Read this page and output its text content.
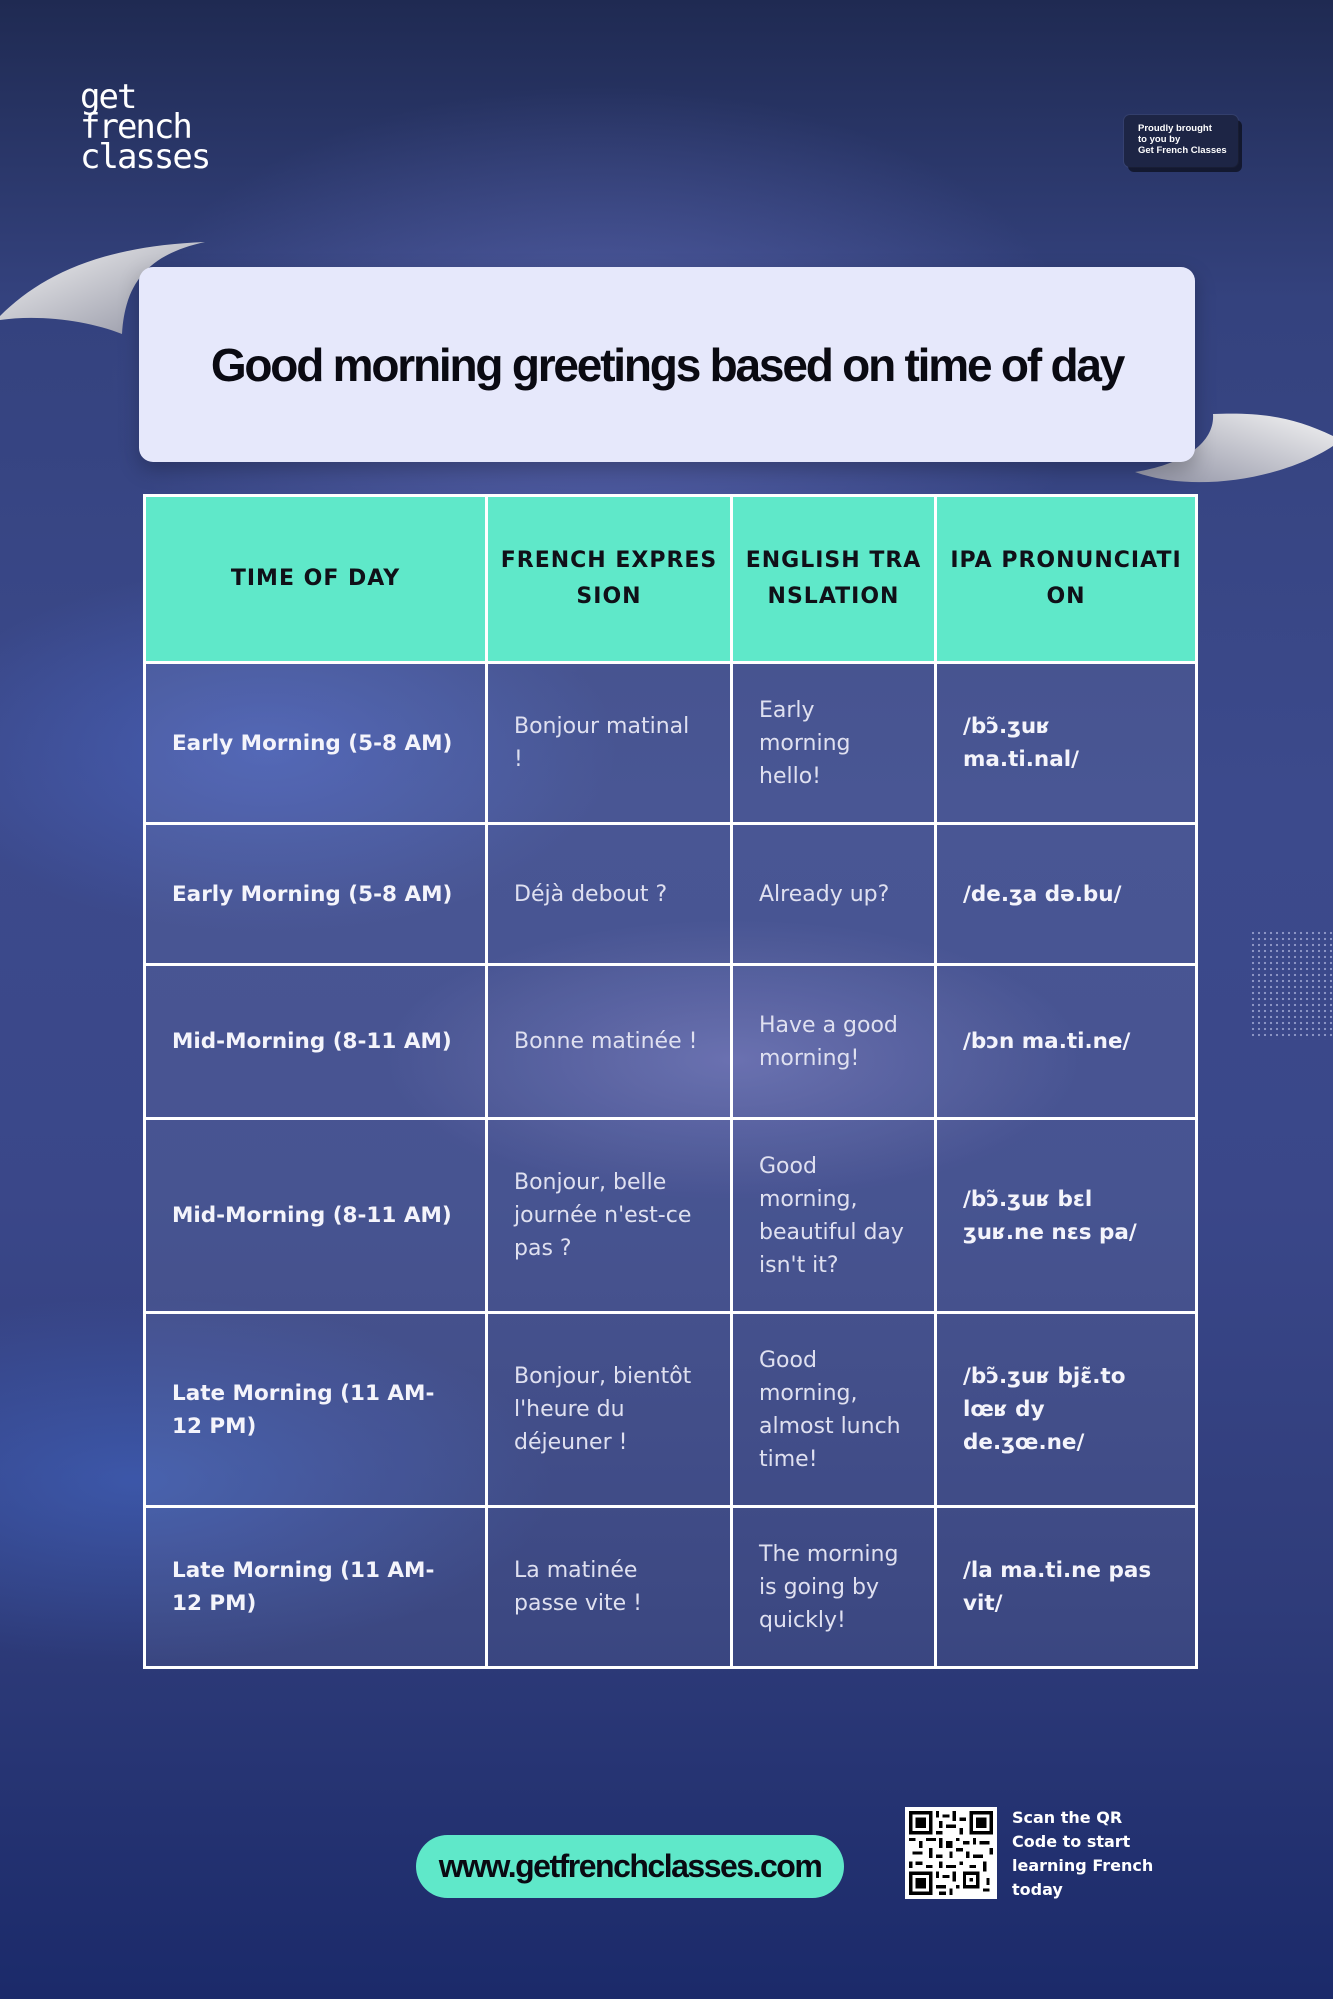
get
french
classes
Proudly brought
to you by
Get French Classes
Good morning greetings based on time of day
TIME OF DAY	FRENCH EXPRESSION	ENGLISH TRANSLATION	IPA PRONUNCIATION
Early Morning (5-8 AM)	Bonjour matinal !	Early morning hello!	/bɔ̃.ʒuʁ ma.ti.nal/
Early Morning (5-8 AM)	Déjà debout ?	Already up?	/de.ʒa də.bu/
Mid-Morning (8-11 AM)	Bonne matinée !	Have a good morning!	/bɔn ma.ti.ne/
Mid-Morning (8-11 AM)	Bonjour, belle journée n'est-ce pas ?	Good morning, beautiful day isn't it?	/bɔ̃.ʒuʁ bɛl ʒuʁ.ne nɛs pa/
Late Morning (11 AM-12 PM)	Bonjour, bientôt l'heure du déjeuner !	Good morning, almost lunch time!	/bɔ̃.ʒuʁ bjɛ̃.to lœʁ dy de.ʒœ.ne/
Late Morning (11 AM-12 PM)	La matinée passe vite !	The morning is going by quickly!	/la ma.ti.ne pas vit/
www.getfrenchclasses.com
Scan the QR
Code to start
learning French
today
